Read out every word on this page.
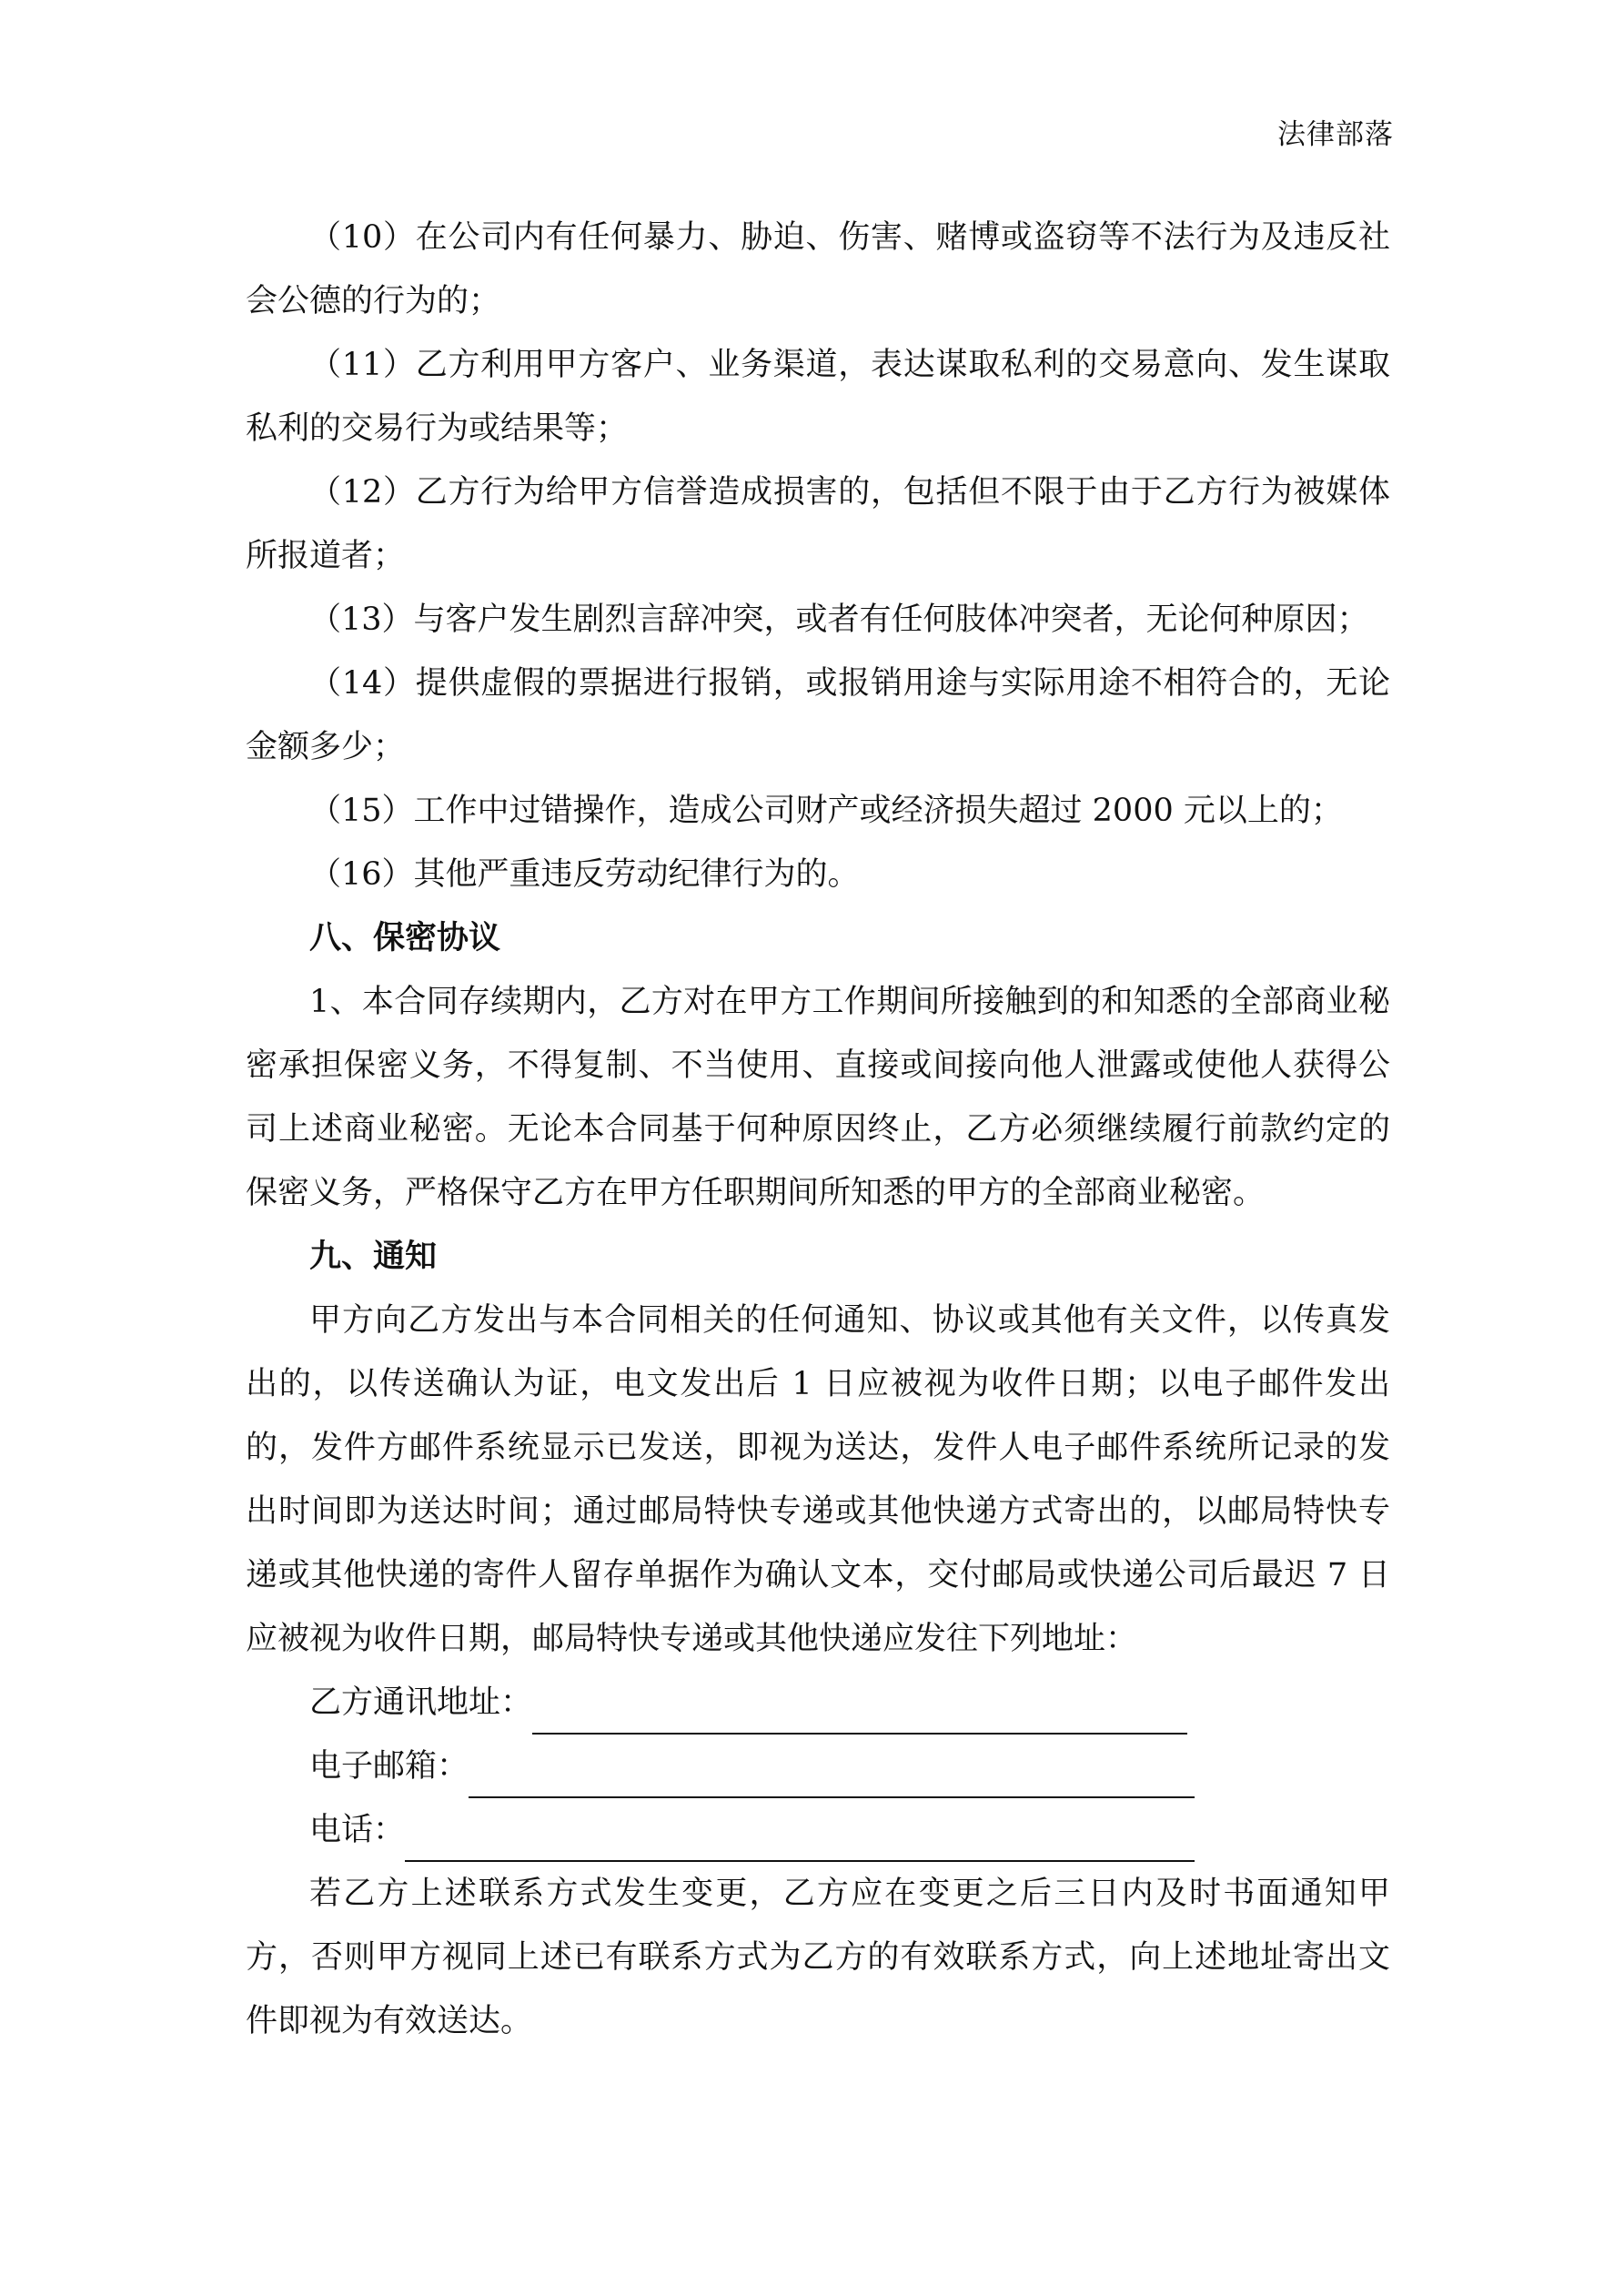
法律部落

（10）在公司内有任何暴力、胁迫、伤害、赌博或盗窃等不法行为及违反社会公德的行为的；

（11）乙方利用甲方客户、业务渠道，表达谋取私利的交易意向、发生谋取私利的交易行为或结果等；

（12）乙方行为给甲方信誉造成损害的，包括但不限于由于乙方行为被媒体所报道者；

（13）与客户发生剧烈言辞冲突，或者有任何肢体冲突者，无论何种原因；

（14）提供虚假的票据进行报销，或报销用途与实际用途不相符合的，无论金额多少；

（15）工作中过错操作，造成公司财产或经济损失超过 2000 元以上的；

（16）其他严重违反劳动纪律行为的。

八、保密协议

1、本合同存续期内，乙方对在甲方工作期间所接触到的和知悉的全部商业秘密承担保密义务，不得复制、不当使用、直接或间接向他人泄露或使他人获得公司上述商业秘密。无论本合同基于何种原因终止，乙方必须继续履行前款约定的保密义务，严格保守乙方在甲方任职期间所知悉的甲方的全部商业秘密。

九、通知

甲方向乙方发出与本合同相关的任何通知、协议或其他有关文件，以传真发出的，以传送确认为证，电文发出后 1 日应被视为收件日期；以电子邮件发出的，发件方邮件系统显示已发送，即视为送达，发件人电子邮件系统所记录的发出时间即为送达时间；通过邮局特快专递或其他快递方式寄出的，以邮局特快专递或其他快递的寄件人留存单据作为确认文本，交付邮局或快递公司后最迟 7 日应被视为收件日期，邮局特快专递或其他快递应发往下列地址：

乙方通讯地址：

电子邮箱：

电话：

若乙方上述联系方式发生变更，乙方应在变更之后三日内及时书面通知甲方，否则甲方视同上述已有联系方式为乙方的有效联系方式，向上述地址寄出文件即视为有效送达。
